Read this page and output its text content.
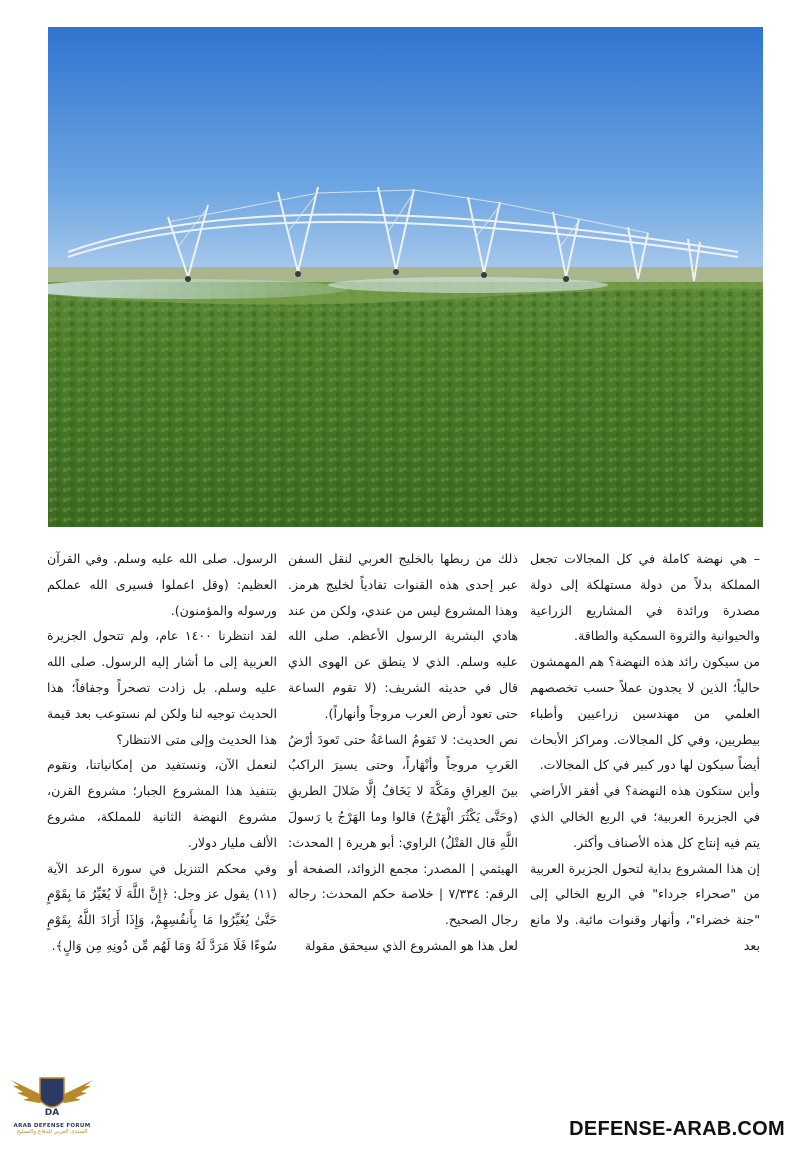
– هي نهضة كاملة في كل المجالات تجعل المملكة بدلاً من دولة مستهلكة إلى دولة مصدرة ورائدة في المشاريع الزراعية والحيوانية والثروة السمكية والطاقة.

من سيكون رائد هذه النهضة؟ هم المهمشون حالياً؛ الذين لا يجدون عملاً حسب تخصصهم العلمي من مهندسين زراعيين وأطباء بيطريين، وفي كل المجالات. ومراكز الأبحاث أيضاً سيكون لها دور كبير في كل المجالات.

وأين ستكون هذه النهضة؟ في أفقر الأراضي في الجزيرة العربية؛ في الربع الخالي الذي يتم فيه إنتاج كل هذه الأصناف وأكثر.

إن هذا المشروع بداية لتحول الجزيرة العربية من "صحراء جرداء" في الربع الخالي إلى "جنة خضراء"، وأنهار وقنوات مائية. ولا مانع بعد

ذلك من ربطها بالخليج العربي لنقل السفن عبر إحدى هذه القنوات تفادياً لخليج هرمز. وهذا المشروع ليس من عندي، ولكن من عند هادي البشرية الرسول الأعظم. صلى الله عليه وسلم. الذي لا ينطق عن الهوى الذي قال في حديثه الشريف: (لا تقوم الساعة حتى تعود أرض العرب مروجاً وأنهاراً).

نص الحديث: لا تَقومُ الساعَةُ حتى تَعودَ أرْضُ العَربِ مروجاً وأنْهَاراً، وحتى يسيرَ الراكبُ بينَ العِراقِ ومَكَّةَ لا يَخَافُ إلَّا ضَلالَ الطريقِ (وحَتَّى يَكْثُرَ الْهَرْجُ) قالوا وما الهَرْجُ يا رَسولَ اللَّهِ قال القتْلُ) الراوي: أبو هريرة | المحدث: الهيثمي | المصدر: مجمع الزوائد، الصفحة أو الرقم: ٧/٣٣٤ | خلاصة حكم المحدث: رجاله رجال الصحيح.

لعل هذا هو المشروع الذي سيحقق مقولة

الرسول. صلى الله عليه وسلم. وفي القرآن العظيم: (وقل اعملوا فسيرى الله عملكم ورسوله والمؤمنون).

لقد انتظرنا ١٤٠٠ عام، ولم تتحول الجزيرة العربية إلى ما أشار إليه الرسول. صلى الله عليه وسلم. بل زادت تصحراً وجفافاً؛ هذا الحديث توجيه لنا ولكن لم نستوعب بعد قيمة هذا الحديث وإلى متى الانتظار؟

لنعمل الآن، ونستفيد من إمكانياتنا، ونقوم بتنفيذ هذا المشروع الجبار؛ مشروع القرن، مشروع النهضة الثانية للمملكة، مشروع الألف مليار دولار.

وفي محكم التنزيل في سورة الرعد الآية (١١) يقول عز وجل: ﴿إِنَّ اللَّهَ لَا يُغَيِّرُ مَا بِقَوْمٍ حَتَّىٰ يُغَيِّرُوا مَا بِأَنفُسِهِمْ، وَإِذَا أَرَادَ اللَّهُ بِقَوْمٍ سُوءًا فَلَا مَرَدَّ لَهُ وَمَا لَهُم مِّن دُونِهِ مِن وَالٍ﴾.

DA
ARAB DEFENSE FORUM
المنتدى العربي للدفاع والتسليح	DEFENSE-ARAB.COM
